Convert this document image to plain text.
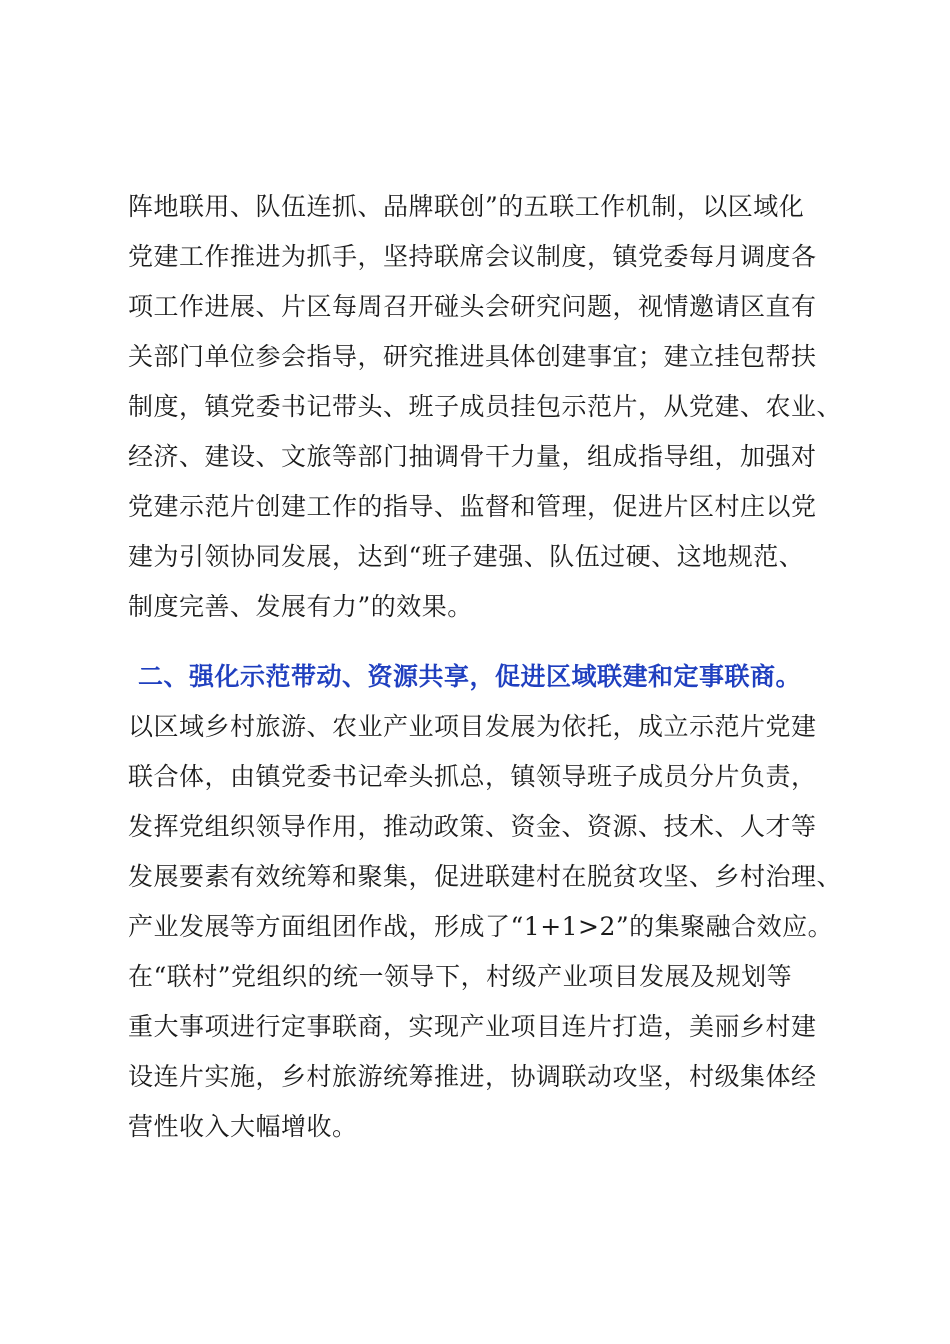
阵地联用、队伍连抓、品牌联创”的五联工作机制，以区域化
党建工作推进为抓手，坚持联席会议制度，镇党委每月调度各
项工作进展、片区每周召开碰头会研究问题，视情邀请区直有
关部门单位参会指导，研究推进具体创建事宜；建立挂包帮扶
制度，镇党委书记带头、班子成员挂包示范片，从党建、农业、
经济、建设、文旅等部门抽调骨干力量，组成指导组，加强对
党建示范片创建工作的指导、监督和管理，促进片区村庄以党
建为引领协同发展，达到“班子建强、队伍过硬、这地规范、
制度完善、发展有力”的效果。
二、强化示范带动、资源共享，促进区域联建和定事联商。
以区域乡村旅游、农业产业项目发展为依托，成立示范片党建
联合体，由镇党委书记牵头抓总，镇领导班子成员分片负责，
发挥党组织领导作用，推动政策、资金、资源、技术、人才等
发展要素有效统筹和聚集，促进联建村在脱贫攻坚、乡村治理、
产业发展等方面组团作战，形成了“1+1>2”的集聚融合效应。
在“联村”党组织的统一领导下，村级产业项目发展及规划等
重大事项进行定事联商，实现产业项目连片打造，美丽乡村建
设连片实施，乡村旅游统筹推进，协调联动攻坚，村级集体经
营性收入大幅增收。
